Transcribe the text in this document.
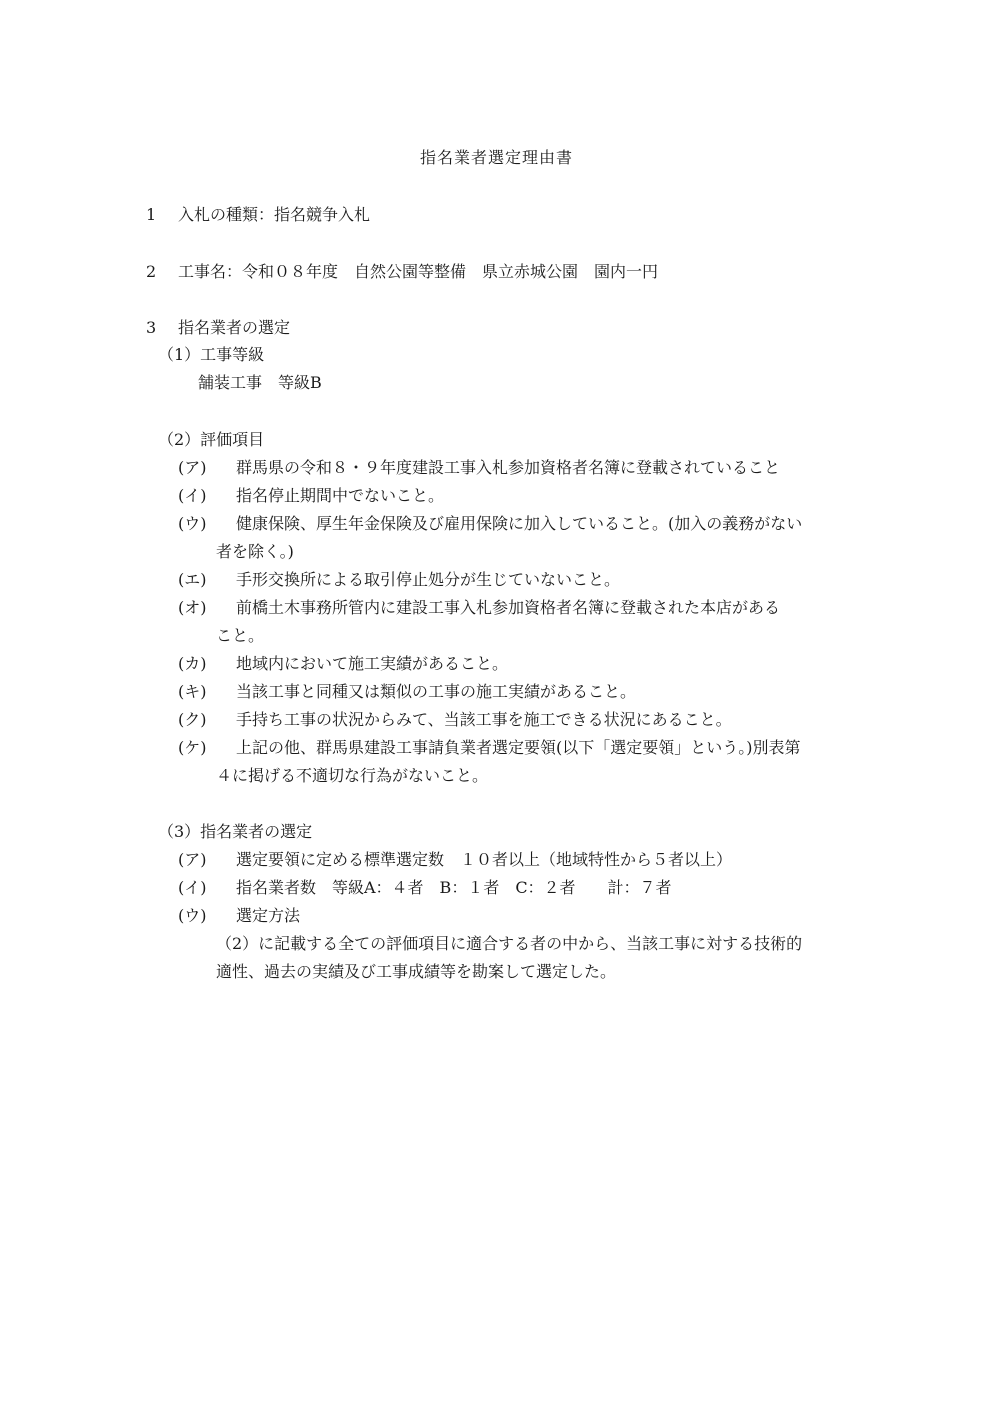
指名業者選定理由書
1 入札の種類：指名競争入札
2 工事名：令和０８年度　自然公園等整備　県立赤城公園　園内一円
3 指名業者の選定
（1）工事等級
舗装工事　等級B
（2）評価項目
(ア) 群馬県の令和８・９年度建設工事入札参加資格者名簿に登載されていること
(イ) 指名停止期間中でないこと。
(ウ) 健康保険、厚生年金保険及び雇用保険に加入していること。(加入の義務がない
者を除く。)
(エ) 手形交換所による取引停止処分が生じていないこと。
(オ) 前橋土木事務所管内に建設工事入札参加資格者名簿に登載された本店がある
こと。
(カ) 地域内において施工実績があること。
(キ) 当該工事と同種又は類似の工事の施工実績があること。
(ク) 手持ち工事の状況からみて、当該工事を施工できる状況にあること。
(ケ) 上記の他、群馬県建設工事請負業者選定要領(以下「選定要領」という。)別表第
４に掲げる不適切な行為がないこと。
（3）指名業者の選定
(ア) 選定要領に定める標準選定数　１０者以上（地域特性から５者以上）
(イ) 指名業者数　等級A：４者　B：１者　C：２者　　計：７者
(ウ) 選定方法
（2）に記載する全ての評価項目に適合する者の中から、当該工事に対する技術的
適性、過去の実績及び工事成績等を勘案して選定した。
